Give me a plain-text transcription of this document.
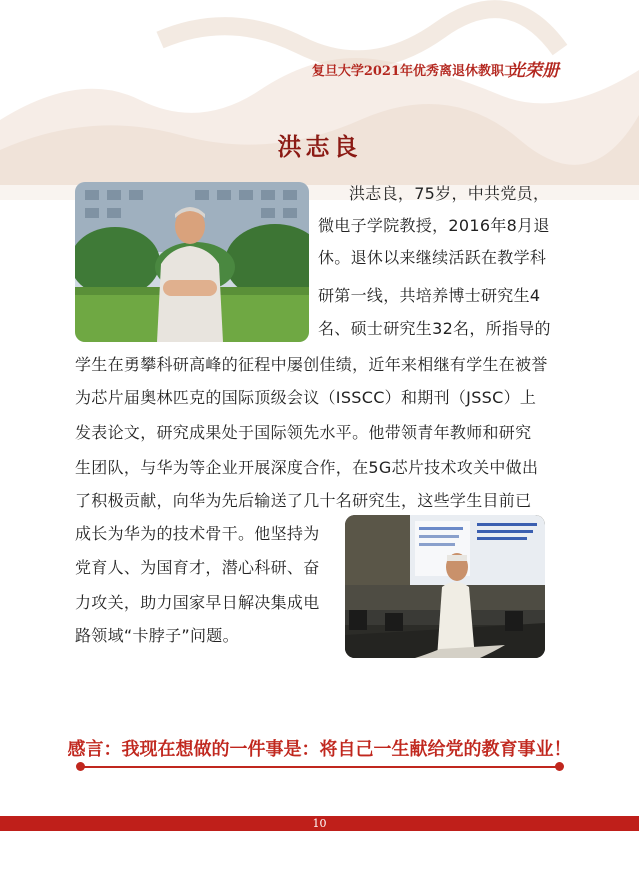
复旦大学2021年优秀离退休教职工
光荣册
洪志良
洪志良，75岁，中共党员，
微电子学院教授，2016年8月退
休。退休以来继续活跃在教学科
研第一线，共培养博士研究生4
名、硕士研究生32名，所指导的
学生在勇攀科研高峰的征程中屡创佳绩，近年来相继有学生在被誉
为芯片届奥林匹克的国际顶级会议（ISSCC）和期刊（JSSC）上
发表论文，研究成果处于国际领先水平。他带领青年教师和研究
生团队，与华为等企业开展深度合作，在5G芯片技术攻关中做出
了积极贡献，向华为先后输送了几十名研究生，这些学生目前已
成长为华为的技术骨干。他坚持为
党育人、为国育才，潜心科研、奋
力攻关，助力国家早日解决集成电
路领域“卡脖子”问题。
感言：我现在想做的一件事是：将自己一生献给党的教育事业！
10
